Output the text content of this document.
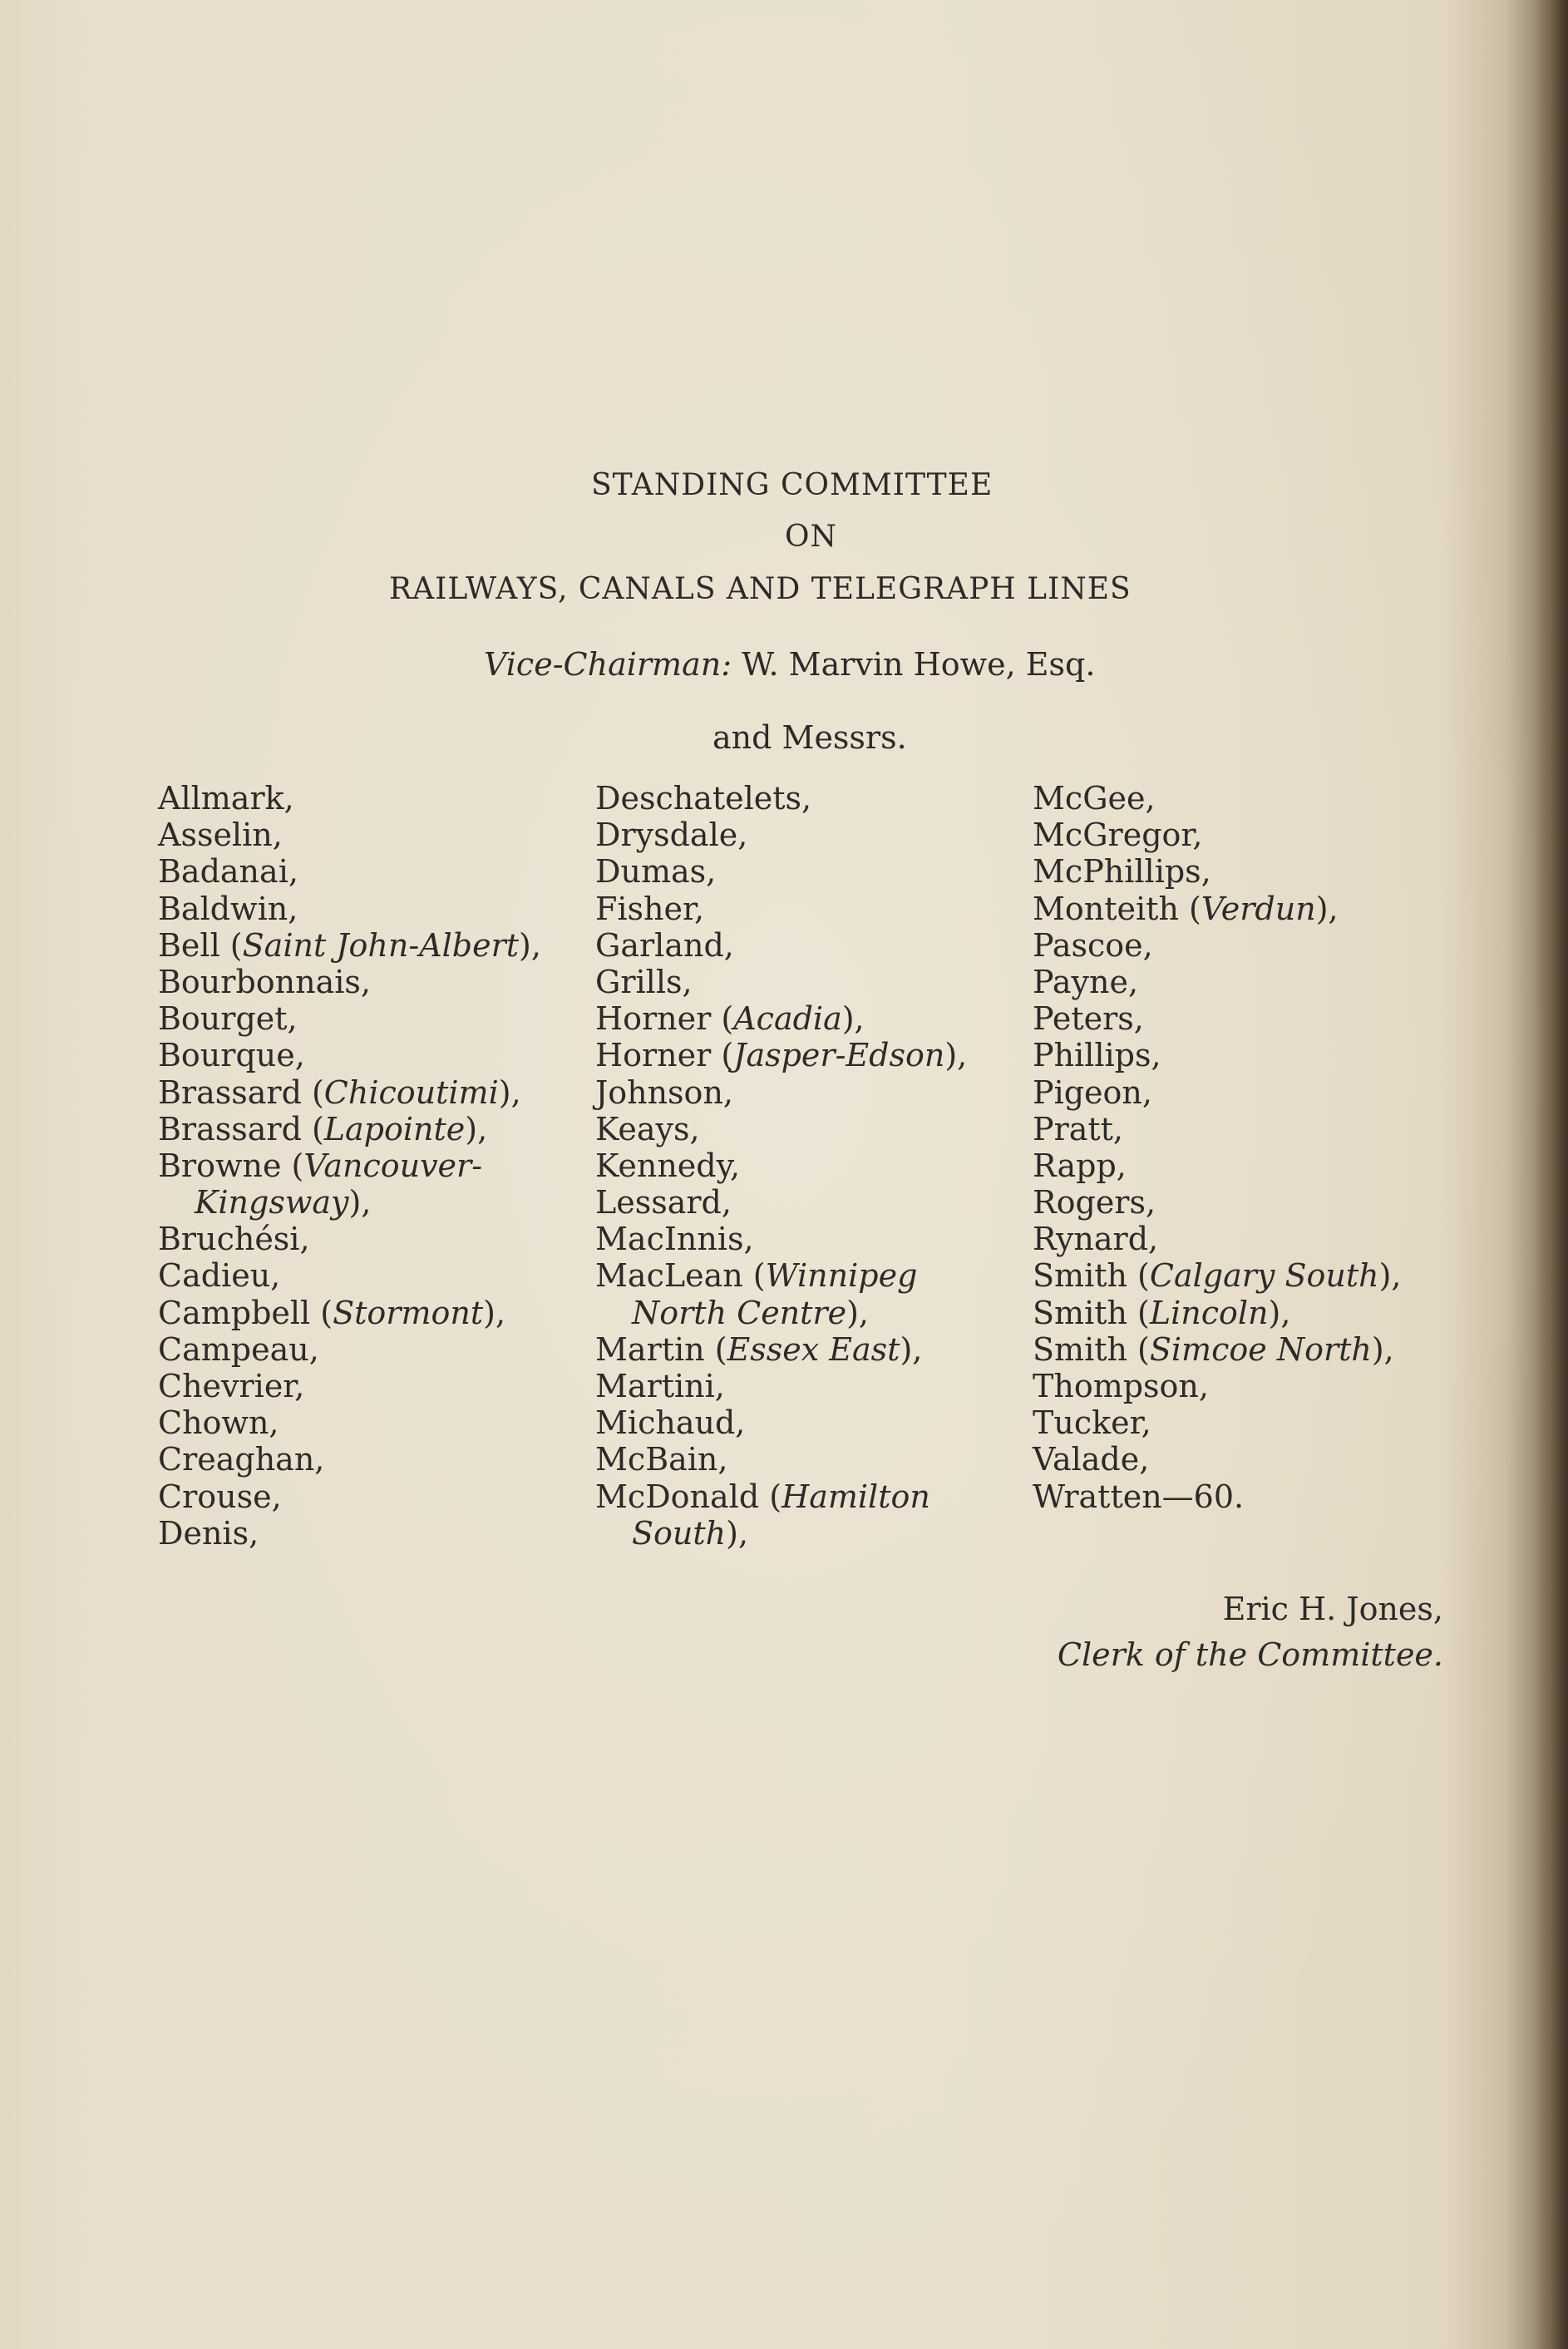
STANDING COMMITTEE
ON
RAILWAYS, CANALS AND TELEGRAPH LINES
Vice-Chairman: W. Marvin Howe, Esq.
and Messrs.
Allmark,
Asselin,
Badanai,
Baldwin,
Bell (Saint John-Albert),
Bourbonnais,
Bourget,
Bourque,
Brassard (Chicoutimi),
Brassard (Lapointe),
Browne (Vancouver-
Kingsway),
Bruchési,
Cadieu,
Campbell (Stormont),
Campeau,
Chevrier,
Chown,
Creaghan,
Crouse,
Denis,
Deschatelets,
Drysdale,
Dumas,
Fisher,
Garland,
Grills,
Horner (Acadia),
Horner (Jasper-Edson),
Johnson,
Keays,
Kennedy,
Lessard,
MacInnis,
MacLean (Winnipeg
North Centre),
Martin (Essex East),
Martini,
Michaud,
McBain,
McDonald (Hamilton
South),
McGee,
McGregor,
McPhillips,
Monteith (Verdun),
Pascoe,
Payne,
Peters,
Phillips,
Pigeon,
Pratt,
Rapp,
Rogers,
Rynard,
Smith (Calgary South),
Smith (Lincoln),
Smith (Simcoe North),
Thompson,
Tucker,
Valade,
Wratten—60.
Eric H. Jones,
Clerk of the Committee.
